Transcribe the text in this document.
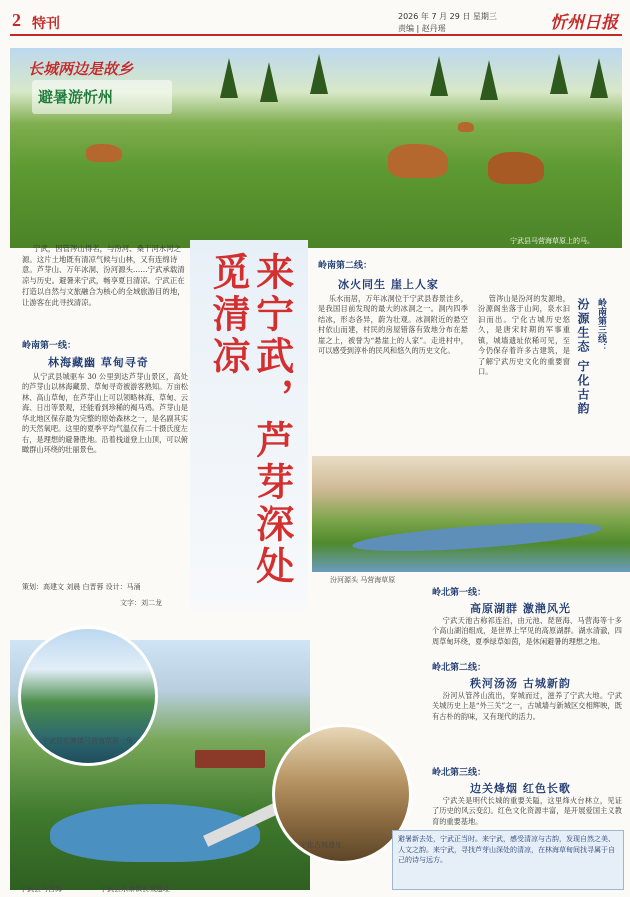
2 特刊	2026 年 7 月 29 日 星期三
责编 | 赵丹瑶	忻州日报
长城两边是故乡
避暑游忻州
宁武县马营海草原上的马。
宁武，因管涔山得名，与汾河、桑干河水河之源。这片土地既有清凉气候与山林，又有连绵诗意。芦芽山、万年冰洞、汾河源头……宁武承载清凉与历史。避暑来宁武，畅享夏日清凉。宁武正在打造以自然与文旅融合为核心的全域旅游目的地，让游客在此寻找清凉。	来宁武，芦芽深处觅清凉
岭南第一线：
林海藏幽 草甸寻奇
从宁武县城驱车 30 公里到达芦芽山景区，高处的芦芽山以林海藏景、草甸寻奇被游客熟知。万亩松林、高山草甸，在芦芽山上可以领略林海、草甸、云海、日出等景观，还能看到珍稀的褐马鸡。芦芽山是华北地区保存最为完整的原始森林之一，是名副其实的天然氧吧。这里的夏季平均气温仅有二十摄氏度左右，是理想的避暑胜地。沿着栈道登上山顶，可以俯瞰群山环绕的壮丽景色。
策划：高建文 刘晨 白晋蓉 设计：马涌
文字：刘二龙
岭南第二线：
冰火同生 崖上人家
乐水而居，万年冰洞位于宁武县春景洼乡，是我国目前发现的最大的冰洞之一。洞内四季结冰，形态各异，蔚为壮观。冰洞附近的悬空村依山而建，村民的房屋错落有致地分布在悬崖之上，被誉为“悬崖上的人家”。走进村中，可以感受到淳朴的民风和悠久的历史文化。	岭南第三线：
汾源生态 宁化古韵
管涔山是汾河的发源地，汾源阁坐落于山间，泉水汩汩而出。宁化古城历史悠久，是唐宋时期的军事重镇，城墙遗址依稀可见，至今仍保存着许多古建筑，是了解宁武历史文化的重要窗口。
汾河源头 马营海草原
岭北第一线：
高原湖群 激滟风光
宁武天池古称祁连泊，由元池、琵琶海、马营海等十多个高山湖泊组成，是世界上罕见的高原湖群。湖水清澈，四周草甸环绕，夏季绿草如茵，是休闲避暑的理想之地。
岭北第二线：
秩河汤汤 古城新韵
汾河从管涔山流出，穿城而过，滋养了宁武大地。宁武关城历史上是“外三关”之一，古城墙与新城区交相辉映，既有古朴的韵味，又有现代的活力。
岭北第三线：
边关烽烟 红色长歌
宁武关是明代长城的重要关隘，这里烽火台林立，见证了历史的风云变幻。红色文化资源丰富，是开展爱国主义教育的重要基地。
宁武县东寨镇马营海草原一角
宁化古城遗址
宁武县马营海	宁武县东寨镇长城遗址
避暑新去处，宁武正当时。来宁武，感受清凉与古韵，发现自然之美、人文之韵。来宁武，寻找芦芽山深处的清凉，在林海草甸间找寻属于自己的诗与远方。
